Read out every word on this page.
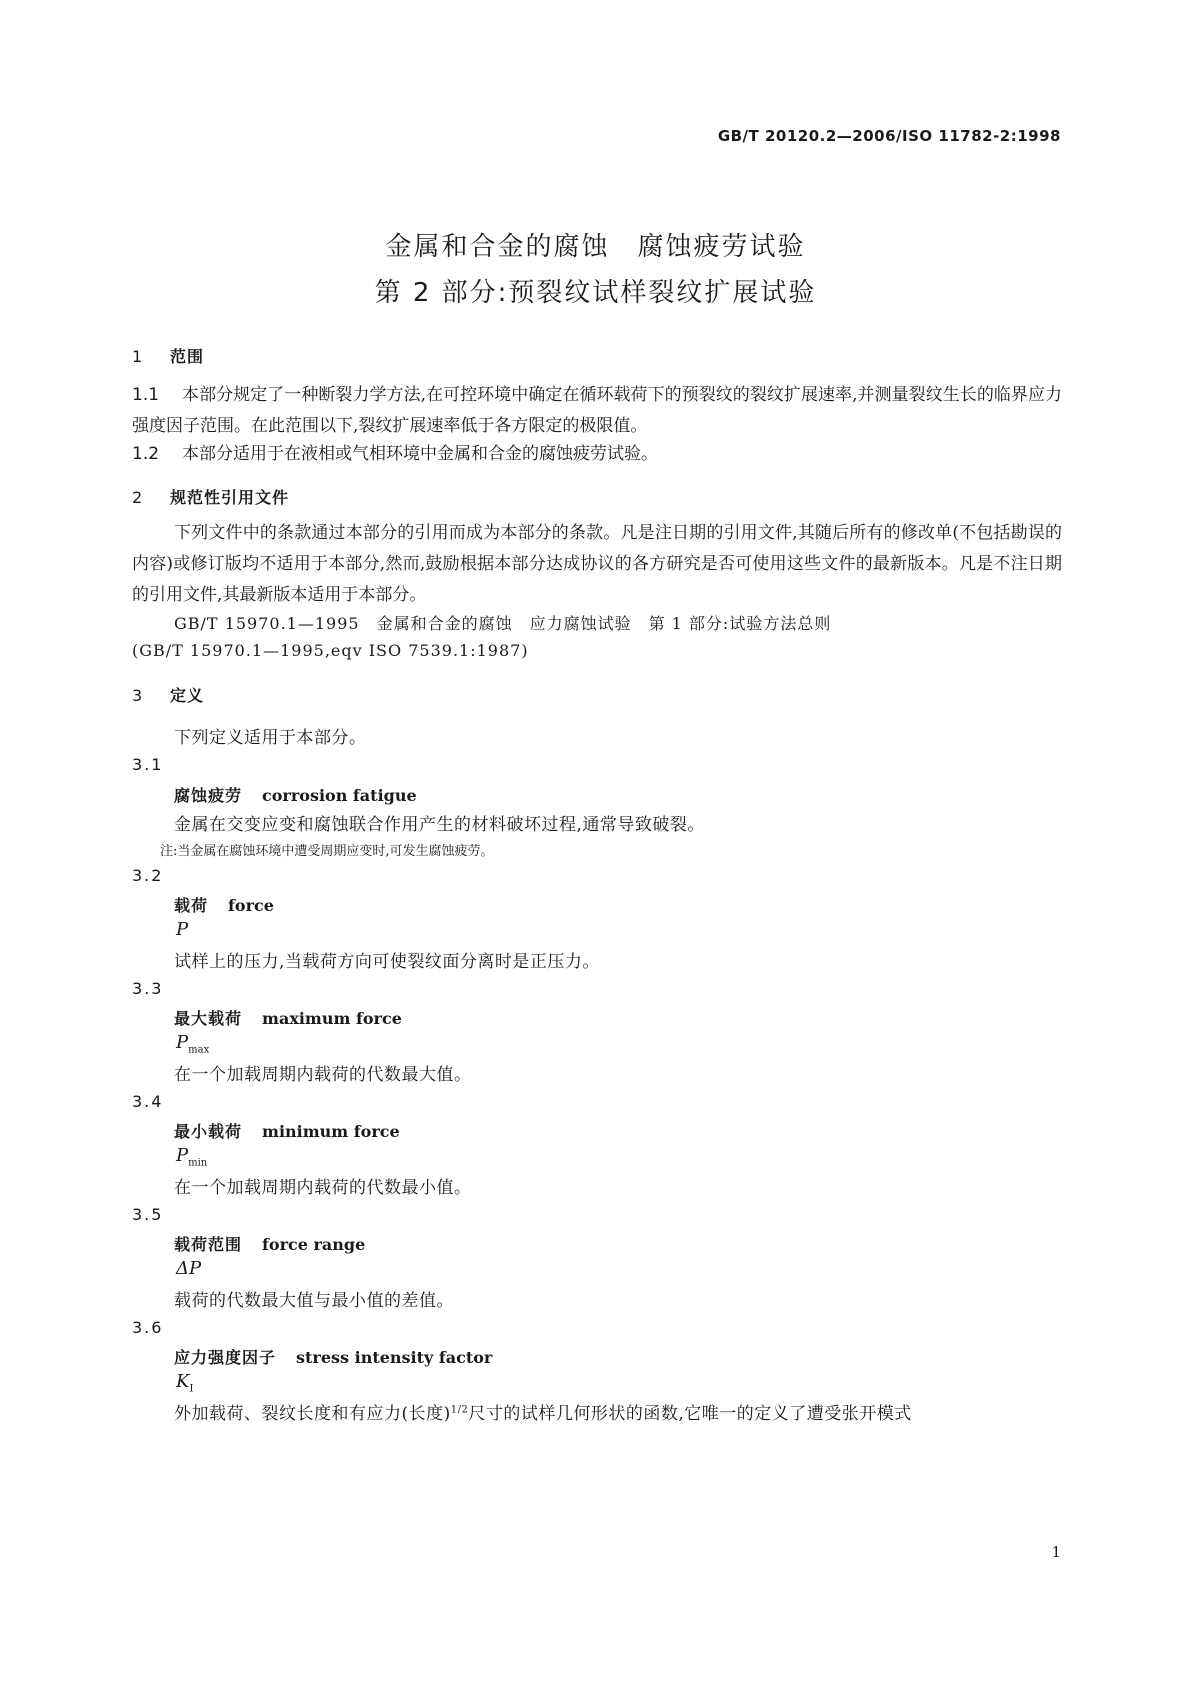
GB/T 20120.2—2006/ISO 11782-2:1998
金属和合金的腐蚀　腐蚀疲劳试验
第 2 部分:预裂纹试样裂纹扩展试验
1 范围
1.1 本部分规定了一种断裂力学方法,在可控环境中确定在循环载荷下的预裂纹的裂纹扩展速率,并测量裂纹生长的临界应力强度因子范围。在此范围以下,裂纹扩展速率低于各方限定的极限值。
1.2 本部分适用于在液相或气相环境中金属和合金的腐蚀疲劳试验。
2 规范性引用文件
下列文件中的条款通过本部分的引用而成为本部分的条款。凡是注日期的引用文件,其随后所有的修改单(不包括勘误的内容)或修订版均不适用于本部分,然而,鼓励根据本部分达成协议的各方研究是否可使用这些文件的最新版本。凡是不注日期的引用文件,其最新版本适用于本部分。
GB/T 15970.1—1995　金属和合金的腐蚀　应力腐蚀试验　第 1 部分:试验方法总则
(GB/T 15970.1—1995,eqv ISO 7539.1:1987)
3 定义
下列定义适用于本部分。
3.1
腐蚀疲劳 corrosion fatigue
金属在交变应变和腐蚀联合作用产生的材料破坏过程,通常导致破裂。
注:当金属在腐蚀环境中遭受周期应变时,可发生腐蚀疲劳。
3.2
载荷 force
P
试样上的压力,当载荷方向可使裂纹面分离时是正压力。
3.3
最大载荷 maximum force
$P_{max}$
在一个加载周期内载荷的代数最大值。
3.4
最小载荷 minimum force
$P_{min}$
在一个加载周期内载荷的代数最小值。
3.5
载荷范围 force range
ΔP
载荷的代数最大值与最小值的差值。
3.6
应力强度因子 stress intensity factor
$K_I$
外加载荷、裂纹长度和有应力(长度)$^{1/2}$尺寸的试样几何形状的函数,它唯一的定义了遭受张开模式
1
